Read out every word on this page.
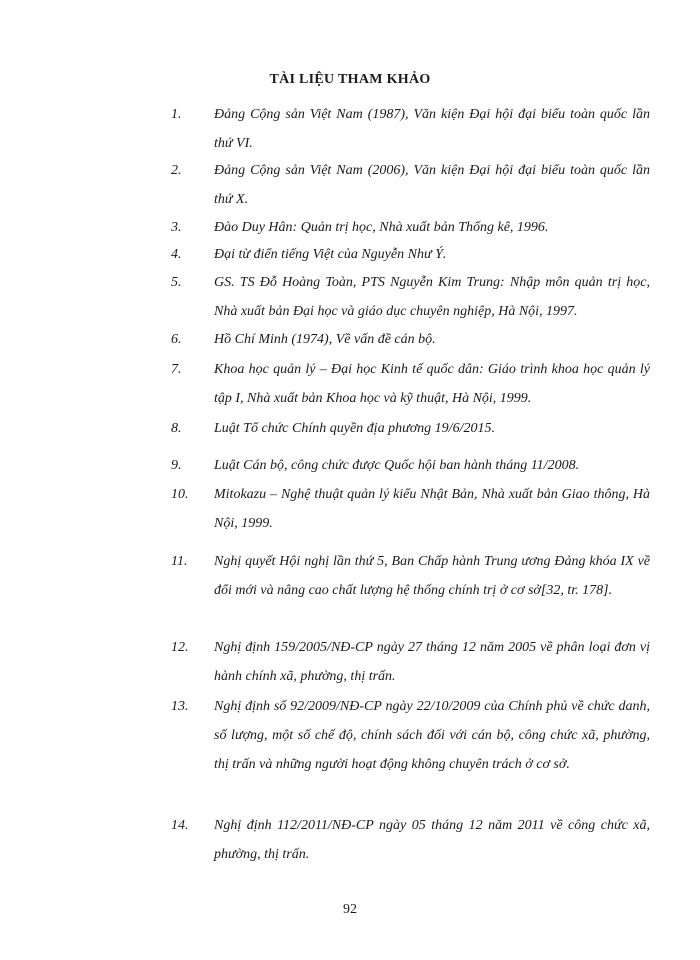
TÀI LIỆU THAM KHẢO
1. Đảng Cộng sản Việt Nam (1987), Văn kiện Đại hội đại biểu toàn quốc lần thứ VI.
2. Đảng Cộng sản Việt Nam (2006), Văn kiện Đại hội đại biểu toàn quốc lần thứ X.
3. Đào Duy Hân: Quản trị học, Nhà xuất bản Thống kê, 1996.
4. Đại từ điển tiếng Việt của Nguyễn Như Ý.
5. GS. TS Đỗ Hoàng Toàn, PTS Nguyễn Kim Trung: Nhập môn quản trị học, Nhà xuất bản Đại học và giáo dục chuyên nghiệp, Hà Nội, 1997.
6. Hồ Chí Minh (1974), Về vấn đề cán bộ.
7. Khoa học quản lý – Đại học Kinh tế quốc dân: Giáo trình khoa học quản lý tập I, Nhà xuất bản Khoa học và kỹ thuật, Hà Nội, 1999.
8. Luật Tổ chức Chính quyền địa phương 19/6/2015.
9. Luật Cán bộ, công chức được Quốc hội ban hành tháng 11/2008.
10. Mitokazu – Nghệ thuật quản lý kiểu Nhật Bản, Nhà xuất bản Giao thông, Hà Nội, 1999.
11. Nghị quyết Hội nghị lần thứ 5, Ban Chấp hành Trung ương Đảng khóa IX về đổi mới và nâng cao chất lượng hệ thống chính trị ở cơ sở[32, tr. 178].
12. Nghị định 159/2005/NĐ-CP ngày 27 tháng 12 năm 2005 về phân loại đơn vị hành chính xã, phường, thị trấn.
13. Nghị định số 92/2009/NĐ-CP ngày 22/10/2009 của Chính phủ về chức danh, số lượng, một số chế độ, chính sách đối với cán bộ, công chức xã, phường, thị trấn và những người hoạt động không chuyên trách ở cơ sở.
14. Nghị định 112/2011/NĐ-CP ngày 05 tháng 12 năm 2011 về công chức xã, phường, thị trấn.
92
